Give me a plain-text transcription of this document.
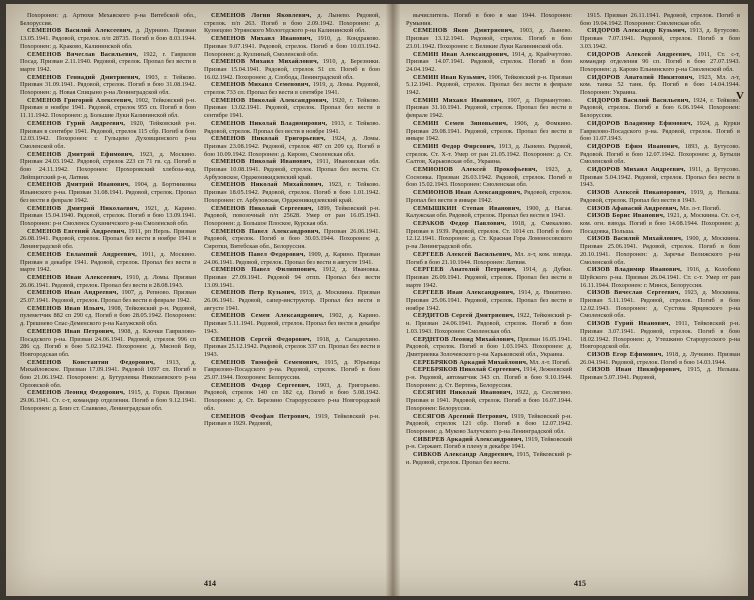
Похоронен: д. Артюхи Мехавского р-на Витебской обл., Белоруссия.

СЕМЕНОВ Василий Алексеевич, д. Дурнино. Призван 13.05.1941. Рядовой, стрелок. п/п 28735. Погиб в бою 8.03.1944. Похоронен: д. Краково, Калининской обл.

СЕМЕНОВ Вячеслав Васильевич, 1922, г. Гаврилов Посад. Призван 2.11.1940. Рядовой, стрелок. Пропал без вести в марте 1942.

СЕМЕНОВ Геннадий Дмитриевич, 1903, г. Тейково. Призван 31.09.1941. Рядовой, стрелок. Погиб в бою 31.08.1942. Похоронен: д. Новая Спицыно р-на Ленинградской обл.

СЕМЕНОВ Григорий Алексеевич, 1902, Тейковский р-н. Призван в ноябре 1941. Рядовой, стрелок 955 сп. Погиб в бою 11.11.1942. Похоронен: д. Большие Луки Калининской обл.

СЕМЕНОВ Гурий Андреевич, 1920, Тейковский р-н. Призван в сентябре 1941. Рядовой, стрелок 115 сбр. Погиб в бою 12.03.1942. Похоронен: г. Гульцево Духовщинского р-на Смоленской обл.

СЕМЕНОВ Дмитрий Ефимович, 1923, д. Москино. Призван 24.03.1942. Рядовой, стрелок 223 сп 71 гв. сд. Погиб в бою 24.11.1942. Похоронен: Прохоровский хлебоза-вод. Лейпцигский р-н, Латвия.

СЕМЕНОВ Дмитрий Иванович, 1904, д. Бортниковка Ильинского р-на. Призван 31.08.1941. Рядовой, стрелок. Пропал без вести в феврале 1942.

СЕМЕНОВ Дмитрий Николаевич, 1921, д. Карино. Призван 15.04.1940. Рядовой, стрелок. Погиб в бою 13.09.1941. Похоронен: р-н Смоленск Сухиничского р-на Смоленской обл.

СЕМЕНОВ Евгений Андреевич, 1911, рп Нерль. Призван 26.08.1941. Рядовой, стрелок. Пропал без вести в ноябре 1941 в Ленинградской обл.

СЕМЕНОВ Евлампий Андреевич, 1911, д. Москино. Призван в декабре 1941. Рядовой, стрелок. Пропал без вести в марте 1942.

СЕМЕНОВ Иван Алексеевич, 1910, д. Ломы. Призван 26.06.1941. Рядовой, стрелок. Пропал без вести в 28.08.1943.

СЕМЕНОВ Иван Андреевич, 1907, д. Репново. Призван 25.07.1941. Рядовой, стрелок. Пропал без вести в феврале 1942.

СЕМЕНОВ Иван Ильич, 1908, Тейковский р-н. Рядовой, пулеметчик 882 сп 290 сд. Погиб в бою 28.05.1942. Похоронен: д. Грешнево Спас-Деменского р-на Калужской обл.

СЕМЕНОВ Иван Петрович, 1908, д. Клочки Гаврилово-Посадского р-на. Призван 24.06.1941. Рядовой, стрелок 996 сп 286 сд. Погиб в бою 5.02.1942. Похоронен: д. Мясной Бор, Новгородская обл.

СЕМЕНОВ Константин Федорович, 1913, д. Михайловское. Призван 17.09.1941. Рядовой 1097 сп. Погиб в бою 21.06.1942. Похоронен: д. Бутурлевка Николаевского р-на Орловской обл.

СЕМЕНОВ Леонид Федорович, 1915, д. Горки. Призван 29.06.1941. Ст. с-т, командир отделения. Погиб в бою 9.12.1941. Похоронен: д. Близ ст. Славково, Ленинградская обл.

СЕМЕНОВ Логин Яковлевич, д. Лынево. Рядовой, стрелок. п/п 263. Погиб в бою 2.09.1942. Похоронен: д. Кузнецово Угрянского Мологодского р-на Калининской обл.

СЕМЕНОВ Михаил Иванович, 1910, д. Кондраково. Призван 9.07.1941. Рядовой, стрелок. Погиб в бою 10.03.1942. Похоронен: д. Кузлиный, Смоленской обл.

СЕМЕНОВ Михаил Михайлович, 1910, д. Березники. Призван 15.04.1941. Рядовой, стрелок 51 сп. Погиб в бою 16.02.1942. Похоронен: д. Слобода, Ленинградской обл.

СЕМЕНОВ Михаил Семенович, 1919, д. Ломы. Рядовой, стрелок 733 сп. Пропал без вести в сентябре 1941.

СЕМЕНОВ Николай Александрович, 1920, г. Тейково. Призван 13.02.1941. Рядовой, стрелок. Пропал без вести в сентябре 1941.

СЕМЕНОВ Николай Владимирович, 1913, г. Тейково. Рядовой, стрелок. Пропал без вести в ноябре 1941.

СЕМЕНОВ Николай Григорьевич, 1924, д. Ломы. Призван 23.08.1942. Рядовой, стрелок 487 сп 209 сд. Погиб в бою 10.09.1942. Похоронен: д. Кирово, Смоленская обл.

СЕМЕНОВ Николай Иванович, 1911, Ивановская обл. Призван 10.08.1941. Рядовой, стрелок. Пропал без вести. Ст. Арбузовское, Орджоникидзевский край.

СЕМЕНОВ Николай Михайлович, 1923, г. Тейково. Призван 18.05.1942. Рядовой, стрелок. Погиб в бою 1.01.1942. Похоронен: ст. Арбузовская, Орджоникидзевский край.

СЕМЕНОВ Николай Сергеевич, 1899, Тейковский р-н. Рядовой, повозочный п/п 25628. Умер от ран 16.05.1943. Похоронен: д. Большое Плоское, Курская обл.

СЕМЕНОВ Павел Александрович, Призван 26.06.1941. Рядовой, стрелок. Погиб в бою 30.03.1944. Похоронен: д. Сиротки, Витебская обл., Белоруссия.

СЕМЕНОВ Павел Федорович, 1909, д. Карино. Призван 24.06.1941. Рядовой, стрелок. Пропал без вести в августе 1941.

СЕМЕНОВ Павел Филиппович, 1912, д. Ивановка. Призван 27.09.1941. Рядовой 94 отпп. Пропал без вести 13.09.1941.

СЕМЕНОВ Петр Кузьмич, 1913, д. Москвина. Призван 26.06.1941. Рядовой, сапер-инструктор. Пропал без вести в августе 1941.

СЕМЕНОВ Семен Александрович, 1902, д. Карино. Призван 5.11.1941. Рядовой, стрелок. Пропал без вести в декабре 1943.

СЕМЕНОВ Сергей Федорович, 1918, д. Саладюхино. Призван 25.12.1942. Рядовой, стрелок 337 сп. Пропал без вести в 1943.

СЕМЕНОВ Тимофей Семенович, 1915, д. Юрьевцы Гаврилово-Посадского р-на. Рядовой, стрелок. Погиб в бою 25.07.1944. Похоронен: Белоруссия.

СЕМЕНОВ Федор Сергеевич, 1903, д. Григорьево. Рядовой, стрелок 140 сп 182 сд. Погиб в бою 5.08.1942. Похоронен: д. Ст. Березино Старорусского р-на Новгородской обл.

СЕМЕНОВ Феофан Петрович, 1919, Тейковский р-н. Призван в 1929. Рядовой,

414

вычислитель. Погиб в бою в мае 1944. Похоронен: Румыния.

СЕМЕНОВ Яков Дмитриевич, 1903, д. Лынево. Призван 13.12.1941. Рядовой, стрелок. Погиб в бою 23.01.1942. Похоронен: г. Великие Луки Калининской обл.

СЕМИН Иван Александрович, 1914, д. Крайчеутово. Призван 14.07.1941. Рядовой, стрелок. Погиб в бою 24.04.1942.

СЕМИН Иван Кузьмич, 1906, Тейковский р-н. Призван 5.12.1941. Рядовой, стрелок. Пропал без вести в феврале 1942.

СЕМИН Михаил Иванович, 1907, д. Порманутово. Призван 31.10.1941. Рядовой, стрелок. Пропал без вести в феврале 1942.

СЕМИН Семен Зиновьевич, 1906, д. Фомкино. Призван 29.08.1941. Рядовой, стрелок. Пропал без вести в январе 1942.

СЕМИН Федор Фирсович, 1913, д. Лынево. Рядовой, стрелок. Ст. Х-т. Умер от ран 21.05.1942. Похоронен: д. Ст. Салтов, Харьковская обл., Украина.

СЕМИОНОВ Алексей Прокофьевич, 1923, д. Сосновка. Призван 26.03.1942. Рядовой, стрелок. Погиб в бою 15.02.1943. Похоронен: Смоленская обл.

СЕМИОНОВ Иван Александрович, Рядовой, стрелок. Пропал без вести в январе 1942.

СЕМЫШКИН Степан Иванович, 1900, д. Нагая. Калужская обл. Рядовой, стрелок. Пропал без вести в 1943.

СЕРАКОВ Федор Павлович, 1918, д. Смекалово. Призван в 1939. Рядовой, стрелок. Ст. 1014 сп. Погиб в бою 12.12.1941. Похоронен: д. Ст. Красная Гора Ломоносовского р-на Ленинградской обл.

СЕРГЕЕВ Алексей Васильевич, Мл. л-т, ком. взвода. Погиб в бою 21.10.1944. Похоронен: Латвия.

СЕРГЕЕВ Анатолий Петрович, 1914, д. Дубки. Призван 26.09.1941. Рядовой, стрелок. Пропал без вести в марте 1942.

СЕРГЕЕВ Иван Александрович, 1914, д. Никитино. Призван 25.06.1941. Рядовой, стрелок. Пропал без вести в ноябре 1942.

СЕРДИТОВ Сергей Дмитриевич, 1922, Тейковский р-н. Призван 24.06.1941. Рядовой, стрелок. Погиб в бою 1.03.1943. Похоронен: Смоленская обл.

СЕРДНТОВ Леонид Михайлович, Призван 16.05.1941. Рядовой, стрелок. Погиб в бою 1.03.1943. Похоронен: д. Дмитриевка Золочевского р-на Харьковской обл., Украина.

СЕРЕБРЯКОВ Аркадий Михайлович, Мл. л-т. Погиб.

СЕРЕБРЯКОВ Николай Сергеевич, 1914, Лежневский р-н. Рядовой, автоматчик 343 сп. Погиб в бою 9.10.1944. Похоронен: д. Ст. Вертень, Белоруссия.

СЕСЯГИН Николай Иванович, 1922, д. Сеслягино. Призван в 1941. Рядовой, стрелок. Погиб в бою 16.07.1944. Похоронен: Белоруссия.

СЕСЯГОВ Арсений Петрович, 1919, Тейковский р-н. Рядовой, стрелок 121 сбр. Погиб в бою 12.07.1942. Похоронен: д. Муково Залучского р-на Ленинградской обл.

СИВЕРЕВ Аркадий Александрович, 1919, Тейковский р-н. Сержант. Погиб в плену в декабре 1941.

СИВКОВ Александр Андреевич, 1915, Тейковский р-н. Рядовой, стрелок. Пропал без вести.

1915. Призван 26.11.1941. Рядовой, стрелок. Погиб в бою 19.04.1942. Похоронен: Смоленская обл.

СИДОРОВ Александр Кузьмич, 1913, д. Бутусово. Призван 7.07.1941. Рядовой, стрелок. Погиб в бою 3.03.1942.

СИДОРОВ Алексей Андреевич, 1911, Ст. с-т, командир отделения 96 сп. Погиб в бою 27.07.1943. Похоронен: д. Карово Ельнинского р-на Смоленской обл.

СИДОРОВ Анатолий Никитович, 1923, Мл. л-т, ком. танка 52 танк. бр. Погиб в бою 14.04.1944. Похоронен: Украина.

СИДОРОВ Василий Васильевич, 1924, г. Тейково. Рядовой, стрелок. Погиб в бою 6.06.1944. Похоронен: Белоруссия.

СИДОРОВ Владимир Ефимович, 1924, д. Курки Гаврилово-Посадского р-на. Рядовой, стрелок. Погиб в бою 11.07.1943.

СИДОРОВ Ефим Иванович, 1893, д. Бутусово. Рядовой. Погиб в бою 12.07.1942. Похоронен: д. Бутыли Смоленской обл.

СИДОРОВ Михаил Андреевич, 1911, д. Бутусово. Призван 5.04.1942. Рядовой, стрелок. Пропал без вести в 1943.

СИЗОВ Алексей Никанорович, 1919, д. Нельша. Рядовой, стрелок. Пропал без вести в 1943.

СИЗОВ Афанасий Андреевич, Мл. л-т. Погиб.

СИЗОВ Борис Иванович, 1921, д. Москвина. Ст. с-т, ком. огн. взвода. Погиб в бою 14.08.1944. Похоронен: д. Посадовка, Польша.

СИЗОВ Василий Михайлович, 1900, д. Москвина. Призван 25.06.1941. Рядовой, стрелок. Погиб в бою 20.10.1941. Похоронен: д. Заречье Велижского р-на Смоленской обл.

СИЗОВ Владимир Иванович, 1916, д. Колобово Шуйского р-на. Призван 26.04.1941. Ст. с-т. Умер от ран 16.11.1944. Похоронен: г. Минск, Белоруссия.

СИЗОВ Вячеслав Сергеевич, 1923, д. Москвина. Призван 5.11.1941. Рядовой, стрелок. Погиб в бою 12.02.1943. Похоронен: д. Сустова Ярцевского р-на Смоленской обл.

СИЗОВ Гурий Иванович, 1911, Тейковский р-н. Призван 3.07.1941. Рядовой, стрелок. Погиб в бою 18.02.1942. Похоронен: д. Утешкино Старорусского р-на Новгородской обл.

СИЗОВ Егор Ефимович, 1918, д. Лучкино. Призван 26.04.1941. Рядовой, стрелок. Погиб в бою 14.03.1944.

СИЗОВ Иван Никифорович, 1915, д. Нельша. Призван 5.07.1941. Рядовой,

V
415
